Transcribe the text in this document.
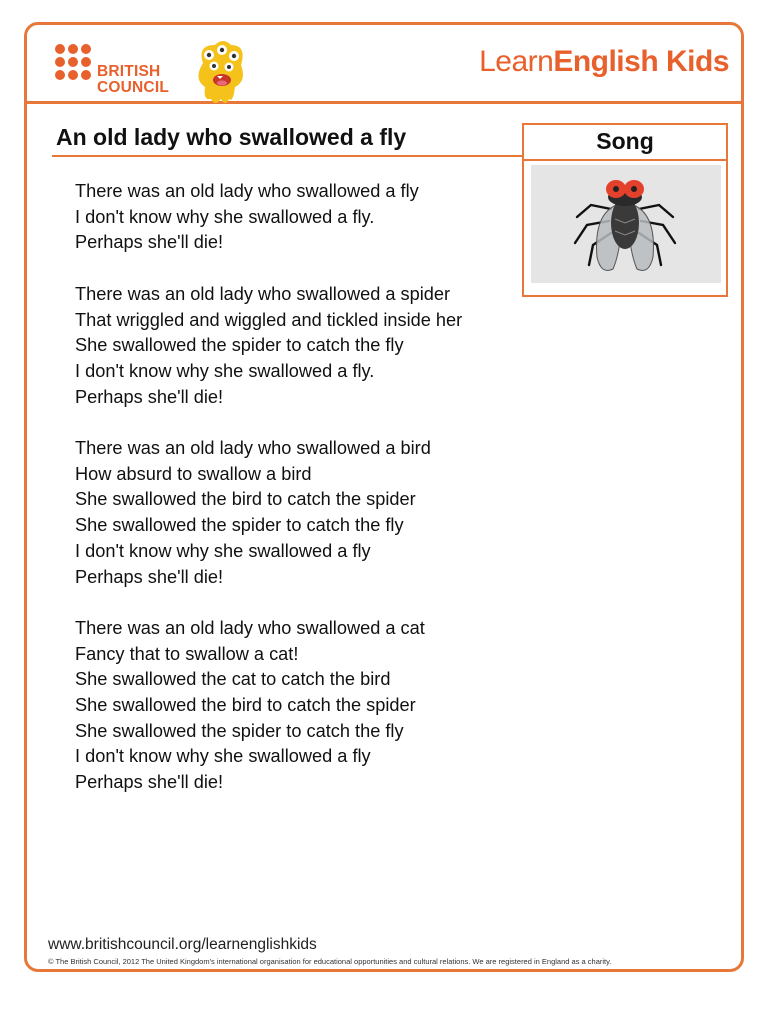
BRITISH
COUNCIL
LearnEnglish Kids
An old lady who swallowed a fly	Song
There was an old lady who swallowed a fly
I don't know why she swallowed a fly.
Perhaps she'll die!
There was an old lady who swallowed a spider
That wriggled and wiggled and tickled inside her
She swallowed the spider to catch the fly
I don't know why she swallowed a fly.
Perhaps she'll die!
There was an old lady who swallowed a bird
How absurd to swallow a bird
She swallowed the bird to catch the spider
She swallowed the spider to catch the fly
I don't know why she swallowed a fly
Perhaps she'll die!
There was an old lady who swallowed a cat
Fancy that to swallow a cat!
She swallowed the cat to catch the bird
She swallowed the bird to catch the spider
She swallowed the spider to catch the fly
I don't know why she swallowed a fly
Perhaps she'll die!
www.britishcouncil.org/learnenglishkids
© The British Council, 2012 The United Kingdom's international organisation for educational opportunities and cultural relations. We are registered in England as a charity.
